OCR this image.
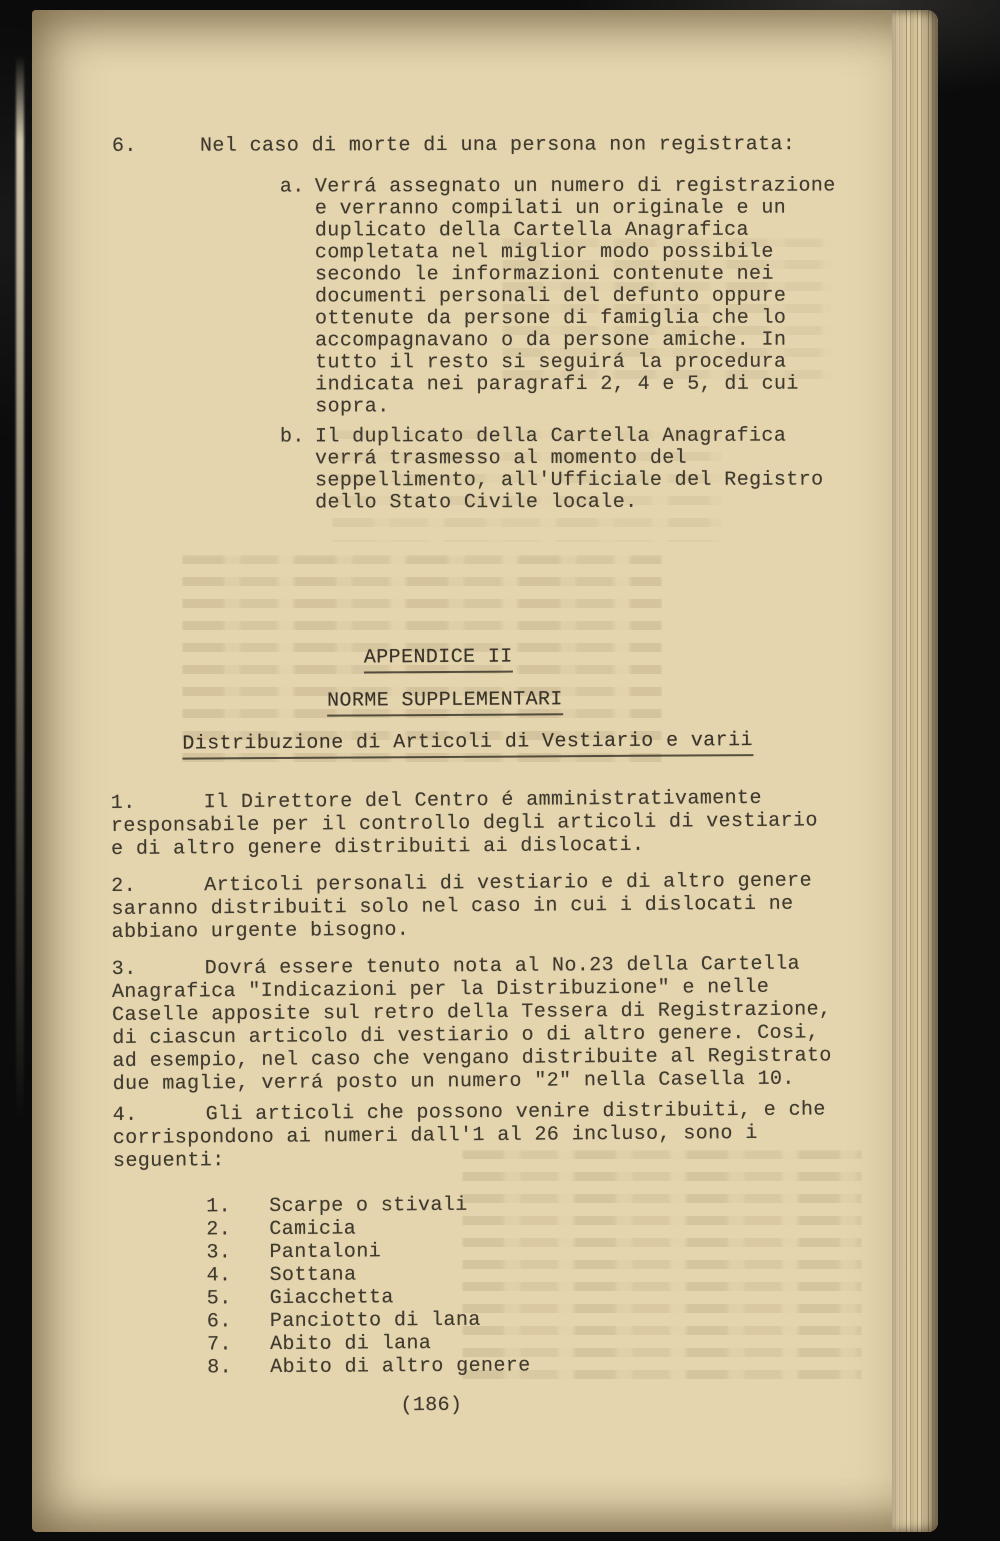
6.	Nel caso di morte di una persona non registrata:
a. Verrá assegnato un numero di registrazione
e verranno compilati un originale e un
duplicato della Cartella Anagrafica
completata nel miglior modo possibile
secondo le informazioni contenute nei
documenti personali del defunto oppure
ottenute da persone di famiglia che lo
accompagnavano o da persone amiche. In
tutto il resto si seguirá la procedura
indicata nei paragrafi 2, 4 e 5, di cui
sopra.
b. Il duplicato della Cartella Anagrafica
verrá trasmesso al momento del
seppellimento, all'Ufficiale del Registro
dello Stato Civile locale.
APPENDICE II
NORME SUPPLEMENTARI
Distribuzione di Articoli di Vestiario e varii
1.	Il Direttore del Centro é amministrativamente
responsabile per il controllo degli articoli di vestiario
e di altro genere distribuiti ai dislocati.
2.	Articoli personali di vestiario e di altro genere
saranno distribuiti solo nel caso in cui i dislocati ne
abbiano urgente bisogno.
3.	Dovrá essere tenuto nota al No.23 della Cartella
Anagrafica "Indicazioni per la Distribuzione" e nelle
Caselle apposite sul retro della Tessera di Registrazione,
di ciascun articolo di vestiario o di altro genere. Cosi,
ad esempio, nel caso che vengano distribuite al Registrato
due maglie, verrá posto un numero "2" nella Casella 10.
4.	Gli articoli che possono venire distribuiti, e che
corrispondono ai numeri dall'1 al 26 incluso, sono i
seguenti:
1. Scarpe o stivali
2. Camicia
3. Pantaloni
4. Sottana
5. Giacchetta
6. Panciotto di lana
7. Abito di lana
8. Abito di altro genere
(186)
